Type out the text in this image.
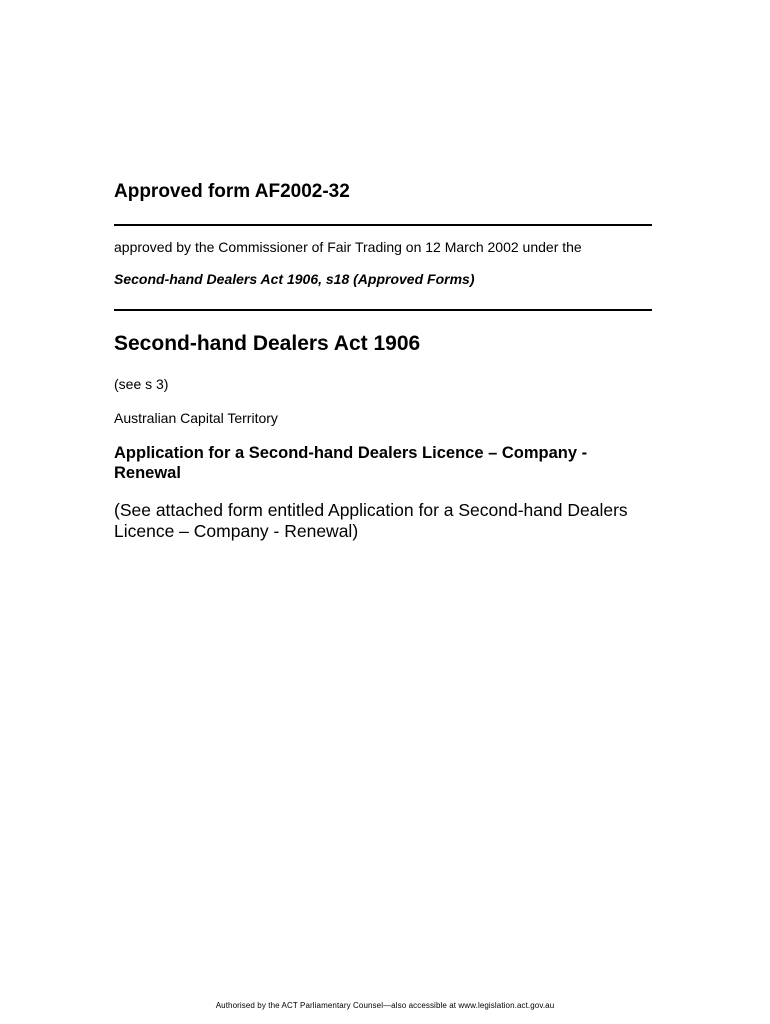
Approved form AF2002-32
approved by the Commissioner of Fair Trading on 12 March 2002 under the
Second-hand Dealers Act 1906, s18 (Approved Forms)
Second-hand Dealers Act 1906
(see s 3)
Australian Capital Territory
Application for a Second-hand Dealers Licence – Company - Renewal
(See attached form entitled Application for a Second-hand Dealers Licence – Company - Renewal)
Authorised by the ACT Parliamentary Counsel—also accessible at www.legislation.act.gov.au
